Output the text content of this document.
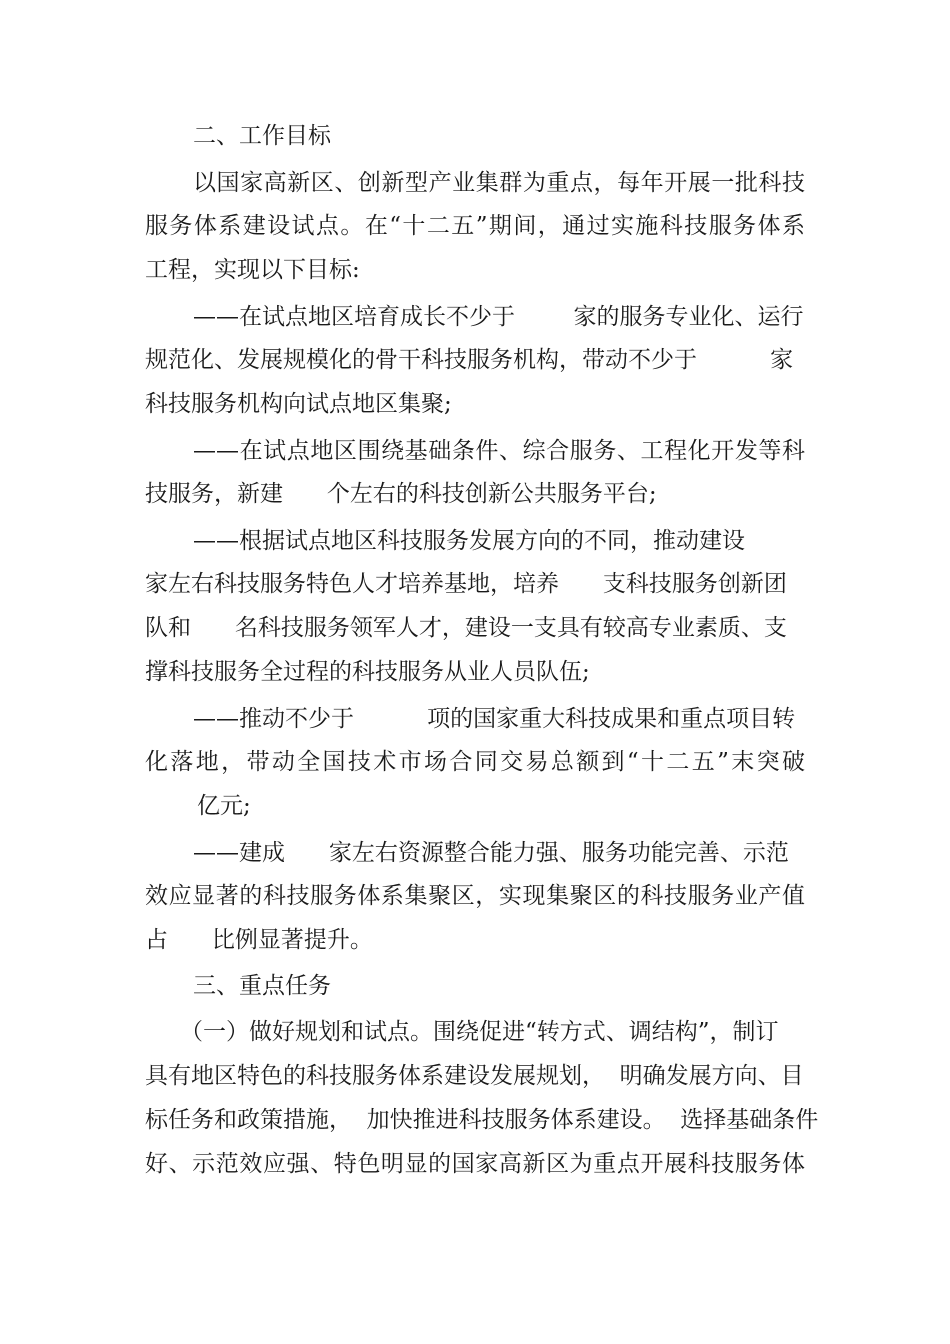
二、工作目标
以国家高新区、创新型产业集群为重点，每年开展一批科技
服务体系建设试点。在“十二五”期间，通过实施科技服务体系
工程，实现以下目标:
——在试点地区培育成长不少于        家的服务专业化、运行
规范化、发展规模化的骨干科技服务机构，带动不少于          家
科技服务机构向试点地区集聚;
——在试点地区围绕基础条件、综合服务、工程化开发等科
技服务，新建      个左右的科技创新公共服务平台;
——根据试点地区科技服务发展方向的不同，推动建设
家左右科技服务特色人才培养基地，培养      支科技服务创新团
队和      名科技服务领军人才，建设一支具有较高专业素质、支
撑科技服务全过程的科技服务从业人员队伍;
——推动不少于          项的国家重大科技成果和重点项目转
化落地，带动全国技术市场合同交易总额到“十二五”末突破
亿元;
——建成      家左右资源整合能力强、服务功能完善、示范
效应显著的科技服务体系集聚区，实现集聚区的科技服务业产值
占      比例显著提升。
三、重点任务
（一）做好规划和试点。围绕促进“转方式、调结构”，制订
具有地区特色的科技服务体系建设发展规划，  明确发展方向、目
标任务和政策措施，  加快推进科技服务体系建设。  选择基础条件
好、示范效应强、特色明显的国家高新区为重点开展科技服务体
